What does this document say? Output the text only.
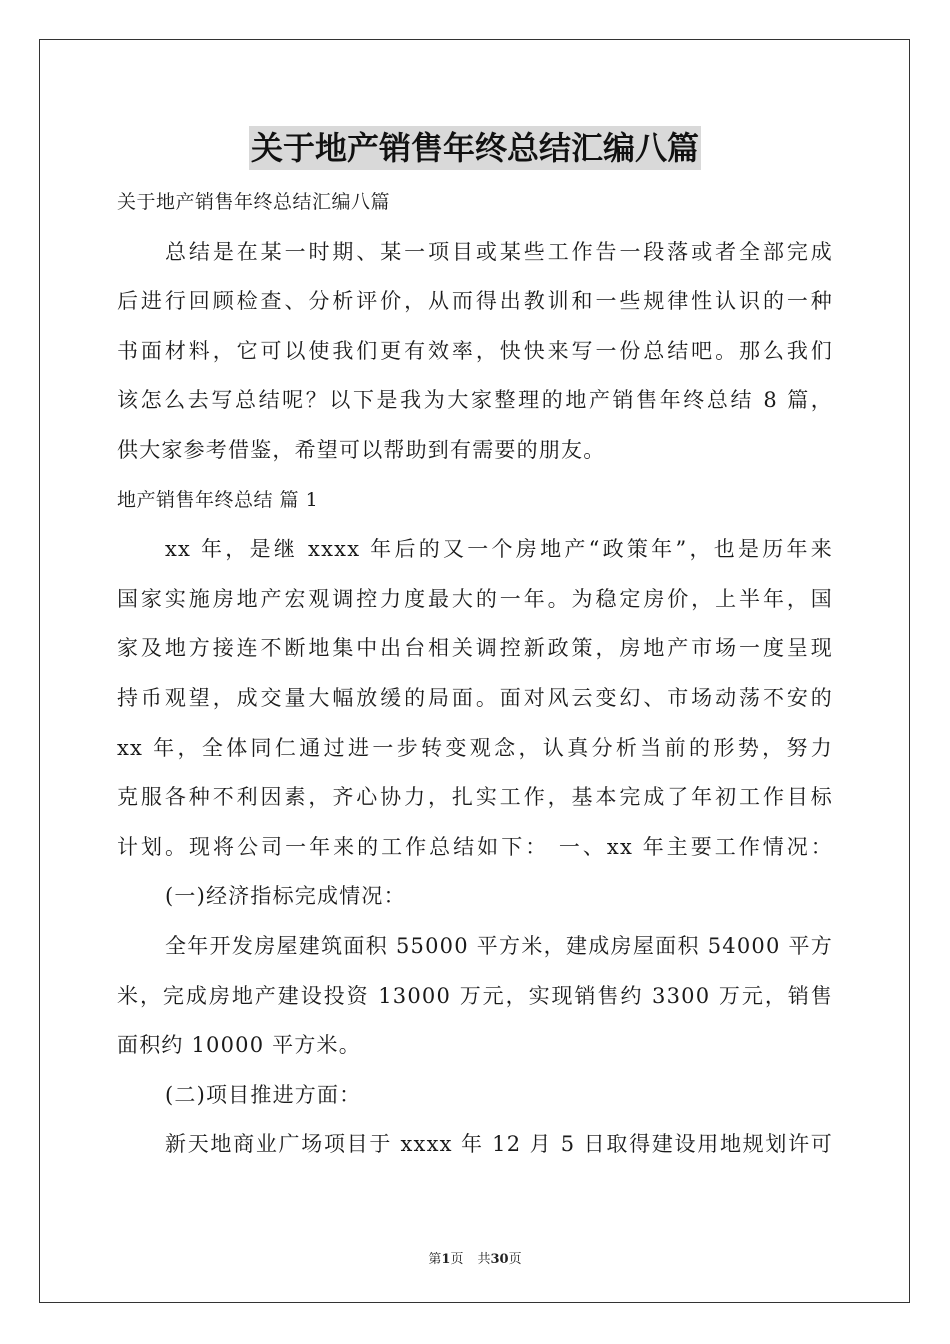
关于地产销售年终总结汇编八篇
关于地产销售年终总结汇编八篇
总结是在某一时期、某一项目或某些工作告一段落或者全部完成
后进行回顾检查、分析评价，从而得出教训和一些规律性认识的一种
书面材料，它可以使我们更有效率，快快来写一份总结吧。那么我们
该怎么去写总结呢？以下是我为大家整理的地产销售年终总结 8 篇，
供大家参考借鉴，希望可以帮助到有需要的朋友。
地产销售年终总结 篇 1
xx 年，是继 xxxx 年后的又一个房地产“政策年”，也是历年来
国家实施房地产宏观调控力度最大的一年。为稳定房价，上半年，国
家及地方接连不断地集中出台相关调控新政策，房地产市场一度呈现
持币观望，成交量大幅放缓的局面。面对风云变幻、市场动荡不安的
xx 年，全体同仁通过进一步转变观念，认真分析当前的形势，努力
克服各种不利因素，齐心协力，扎实工作，基本完成了年初工作目标
计划。现将公司一年来的工作总结如下： 一、xx 年主要工作情况：
(一)经济指标完成情况：
全年开发房屋建筑面积 55000 平方米，建成房屋面积 54000 平方
米，完成房地产建设投资 13000 万元，实现销售约 3300 万元，销售
面积约 10000 平方米。
(二)项目推进方面：
新天地商业广场项目于 xxxx 年 12 月 5 日取得建设用地规划许可
第1页 共30页
